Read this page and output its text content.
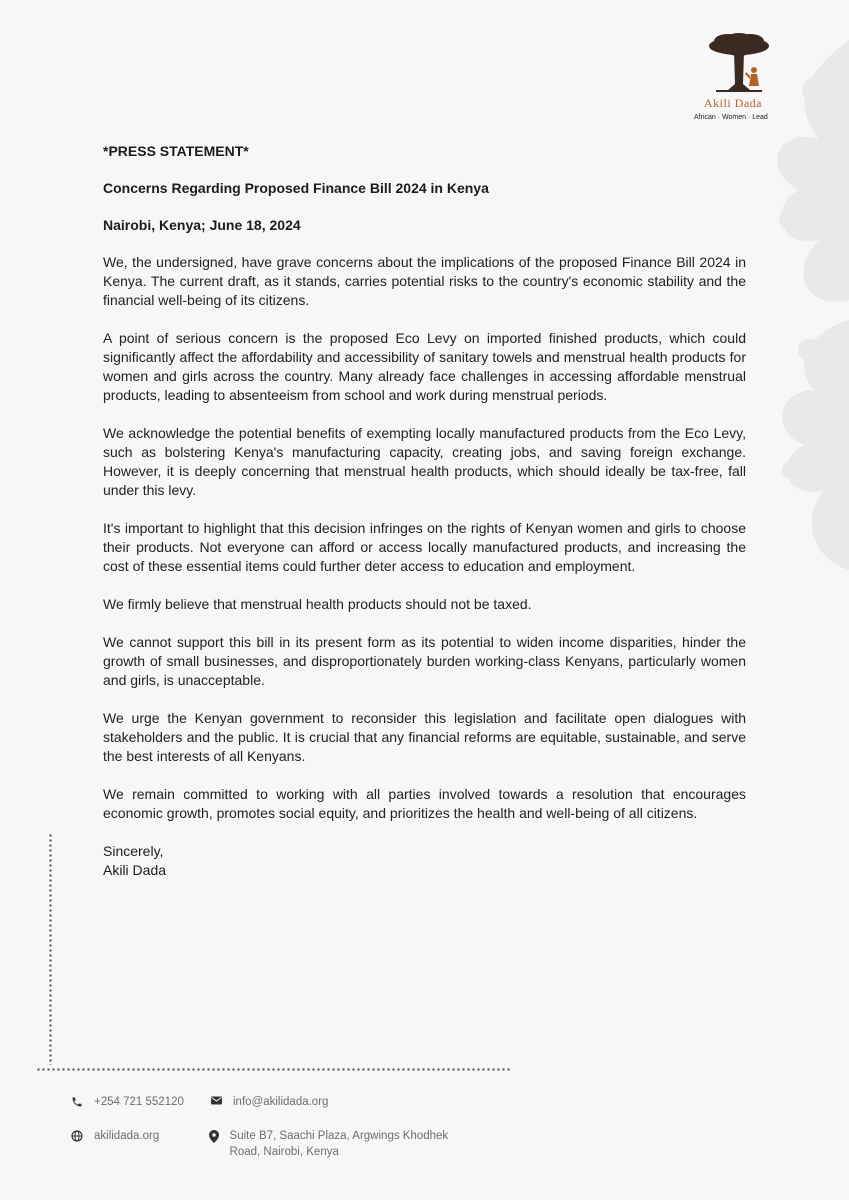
Akili Dada
African · Women · Lead

*PRESS STATEMENT*

Concerns Regarding Proposed Finance Bill 2024 in Kenya

Nairobi, Kenya; June 18, 2024

We, the undersigned, have grave concerns about the implications of the proposed Finance Bill 2024 in Kenya. The current draft, as it stands, carries potential risks to the country's economic stability and the financial well-being of its citizens.

A point of serious concern is the proposed Eco Levy on imported finished products, which could significantly affect the affordability and accessibility of sanitary towels and menstrual health products for women and girls across the country. Many already face challenges in accessing affordable menstrual products, leading to absenteeism from school and work during menstrual periods.

We acknowledge the potential benefits of exempting locally manufactured products from the Eco Levy, such as bolstering Kenya's manufacturing capacity, creating jobs, and saving foreign exchange. However, it is deeply concerning that menstrual health products, which should ideally be tax-free, fall under this levy.

It's important to highlight that this decision infringes on the rights of Kenyan women and girls to choose their products. Not everyone can afford or access locally manufactured products, and increasing the cost of these essential items could further deter access to education and employment.

We firmly believe that menstrual health products should not be taxed.

We cannot support this bill in its present form as its potential to widen income disparities, hinder the growth of small businesses, and disproportionately burden working-class Kenyans, particularly women and girls, is unacceptable.

We urge the Kenyan government to reconsider this legislation and facilitate open dialogues with stakeholders and the public. It is crucial that any financial reforms are equitable, sustainable, and serve the best interests of all Kenyans.

We remain committed to working with all parties involved towards a resolution that encourages economic growth, promotes social equity, and prioritizes the health and well-being of all citizens.

Sincerely,

Akili Dada

+254 721 552120	info@akilidada.org
akilidada.org	Suite B7, Saachi Plaza, Argwings Khodhek Road, Nairobi, Kenya
